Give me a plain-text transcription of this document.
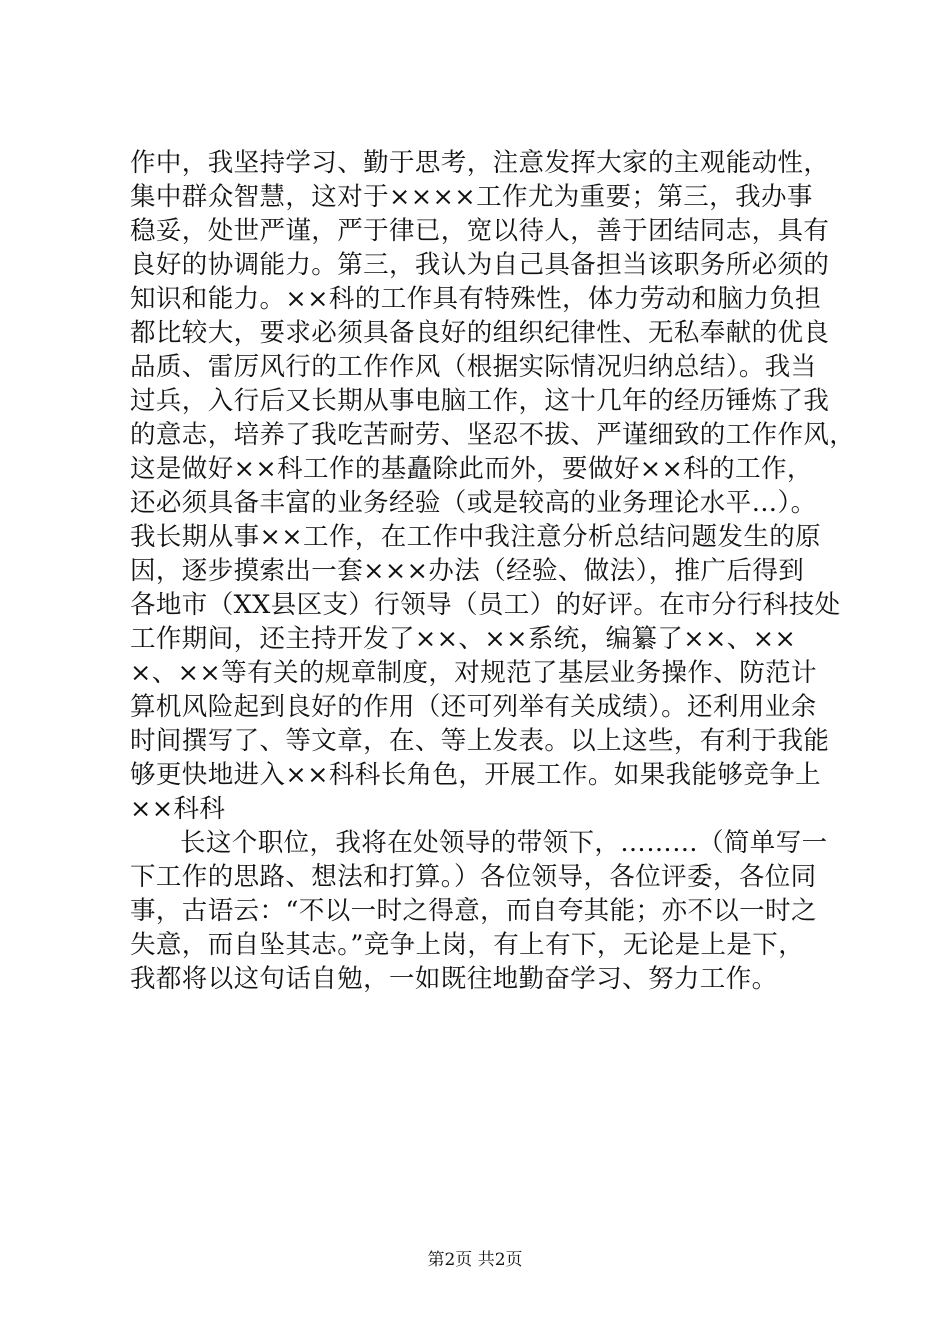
作中，我坚持学习、勤于思考，注意发挥大家的主观能动性，
集中群众智慧，这对于××××工作尤为重要；第三，我办事
稳妥，处世严谨，严于律已，宽以待人，善于团结同志，具有
良好的协调能力。第三，我认为自己具备担当该职务所必须的
知识和能力。××科的工作具有特殊性，体力劳动和脑力负担
都比较大，要求必须具备良好的组织纪律性、无私奉献的优良
品质、雷厉风行的工作作风（根据实际情况归纳总结）。我当
过兵，入行后又长期从事电脑工作，这十几年的经历锤炼了我
的意志，培养了我吃苦耐劳、坚忍不拔、严谨细致的工作作风，
这是做好××科工作的基矗除此而外，要做好××科的工作，
还必须具备丰富的业务经验（或是较高的业务理论水平…）。
我长期从事××工作，在工作中我注意分析总结问题发生的原
因，逐步摸索出一套×××办法（经验、做法），推广后得到
各地市（XX县区支）行领导（员工）的好评。在市分行科技处
工作期间，还主持开发了××、××系统，编纂了××、××
×、××等有关的规章制度，对规范了基层业务操作、防范计
算机风险起到良好的作用（还可列举有关成绩）。还利用业余
时间撰写了、等文章，在、等上发表。以上这些，有利于我能
够更快地进入××科科长角色，开展工作。如果我能够竞争上
××科科
长这个职位，我将在处领导的带领下，………（简单写一
下工作的思路、想法和打算。）各位领导，各位评委，各位同
事，古语云：“不以一时之得意，而自夸其能；亦不以一时之
失意，而自坠其志。”竞争上岗，有上有下，无论是上是下，
我都将以这句话自勉，一如既往地勤奋学习、努力工作。
第2页 共2页
